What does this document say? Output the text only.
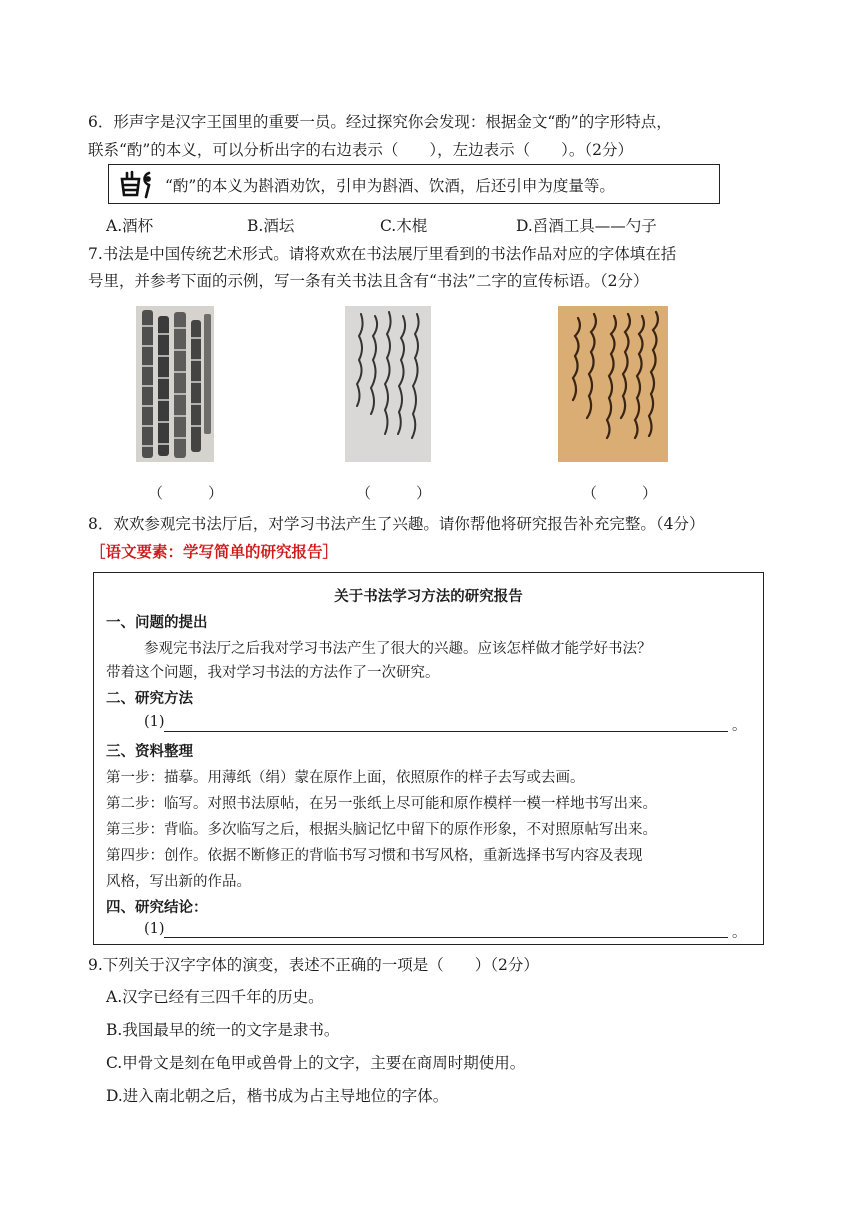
6．形声字是汉字王国里的重要一员。经过探究你会发现：根据金文“酌”的字形特点，
联系“酌”的本义，可以分析出字的右边表示（　　），左边表示（　　）。（2分）
“酌”的本义为斟酒劝饮，引申为斟酒、饮酒，后还引申为度量等。
A.酒杯	B.酒坛	C.木棍	D.舀酒工具——勺子
7.书法是中国传统艺术形式。请将欢欢在书法展厅里看到的书法作品对应的字体填在括
号里，并参考下面的示例，写一条有关书法且含有“书法”二字的宣传标语。（2分）
（　　　）	（　　　）	（　　　）
8．欢欢参观完书法厅后，对学习书法产生了兴趣。请你帮他将研究报告补充完整。（4分）
［语文要素：学写简单的研究报告］
关于书法学习方法的研究报告
一、问题的提出
参观完书法厅之后我对学习书法产生了很大的兴趣。应该怎样做才能学好书法？
带着这个问题，我对学习书法的方法作了一次研究。
二、研究方法
(1)	。
三、资料整理
第一步：描摹。用薄纸（绢）蒙在原作上面，依照原作的样子去写或去画。
第二步：临写。对照书法原帖，在另一张纸上尽可能和原作模样一模一样地书写出来。
第三步：背临。多次临写之后，根据头脑记忆中留下的原作形象，不对照原帖写出来。
第四步：创作。依据不断修正的背临书写习惯和书写风格，重新选择书写内容及表现
风格，写出新的作品。
四、研究结论：
(1)	。
9.下列关于汉字字体的演变，表述不正确的一项是（　　）（2分）
A.汉字已经有三四千年的历史。
B.我国最早的统一的文字是隶书。
C.甲骨文是刻在龟甲或兽骨上的文字，主要在商周时期使用。
D.进入南北朝之后，楷书成为占主导地位的字体。
